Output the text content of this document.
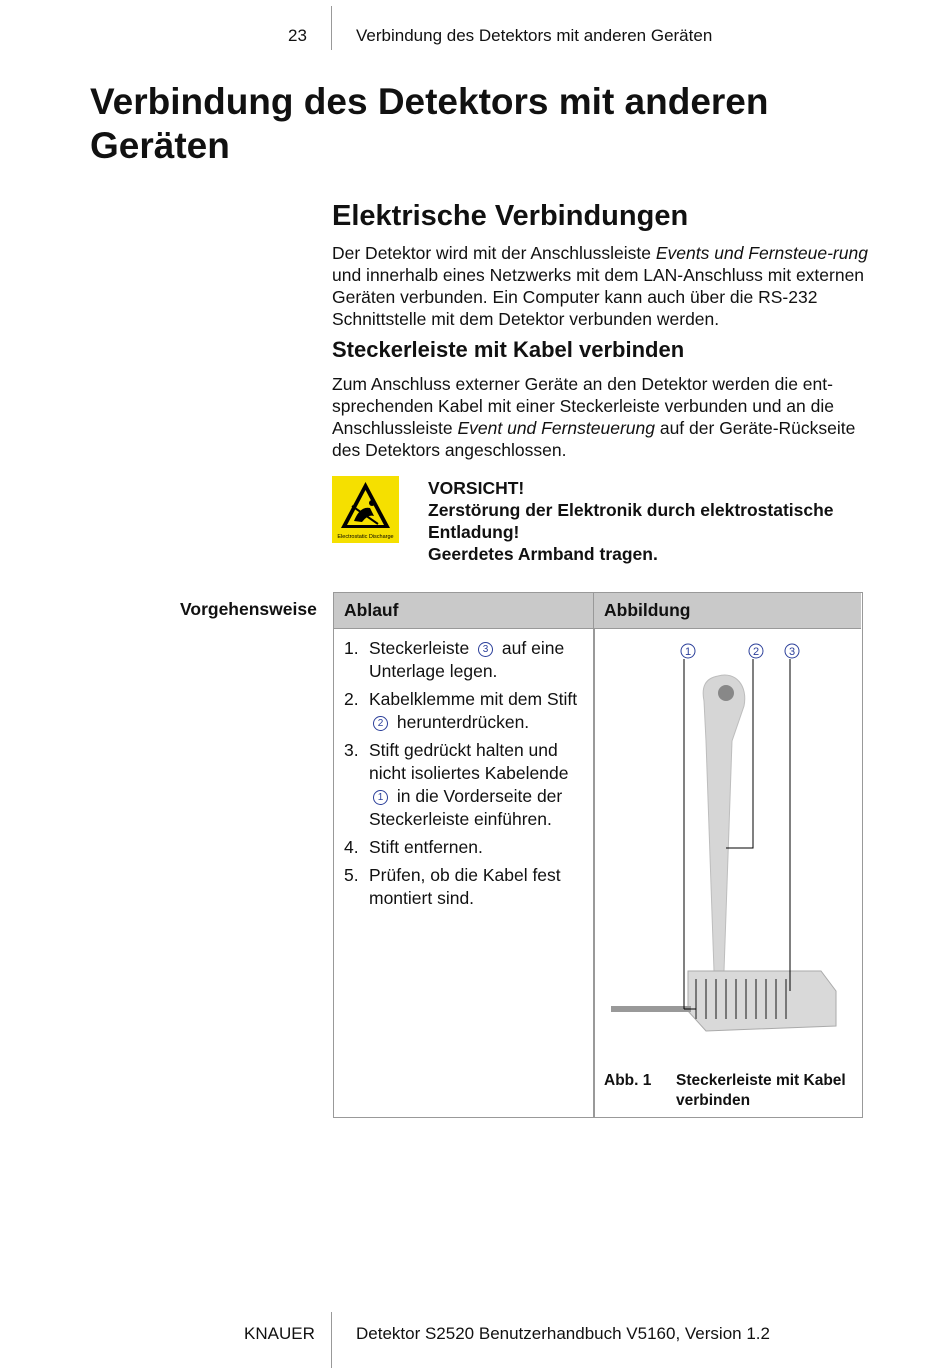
23	Verbindung des Detektors mit anderen Geräten
Verbindung des Detektors mit anderen Geräten
Elektrische Verbindungen
Der Detektor wird mit der Anschlussleiste Events und Fernsteue-rung und innerhalb eines Netzwerks mit dem LAN-Anschluss mit externen Geräten verbunden. Ein Computer kann auch über die RS-232 Schnittstelle mit dem Detektor verbunden werden.
Steckerleiste mit Kabel verbinden
Zum Anschluss externer Geräte an den Detektor werden die ent-sprechenden Kabel mit einer Steckerleiste verbunden und an die Anschlussleiste Event und Fernsteuerung auf der Geräte-Rückseite des Detektors angeschlossen.
Electrostatic Discharge
VORSICHT!
Zerstörung der Elektronik durch elektrostatische Entladung!
Geerdetes Armband tragen.
Vorgehensweise	Ablauf	Abbildung
1. Steckerleiste 3 auf eine Unterlage legen.
2. Kabelklemme mit dem Stift 2 herunterdrücken.
3. Stift gedrückt halten und nicht isoliertes Kabelende 1 in die Vorderseite der Steckerleiste einführen.
4. Stift entfernen.
5. Prüfen, ob die Kabel fest montiert sind.
1	2	3
Abb. 1 Steckerleiste mit Kabel verbinden
KNAUER Detektor S2520 Benutzerhandbuch V5160, Version 1.2
